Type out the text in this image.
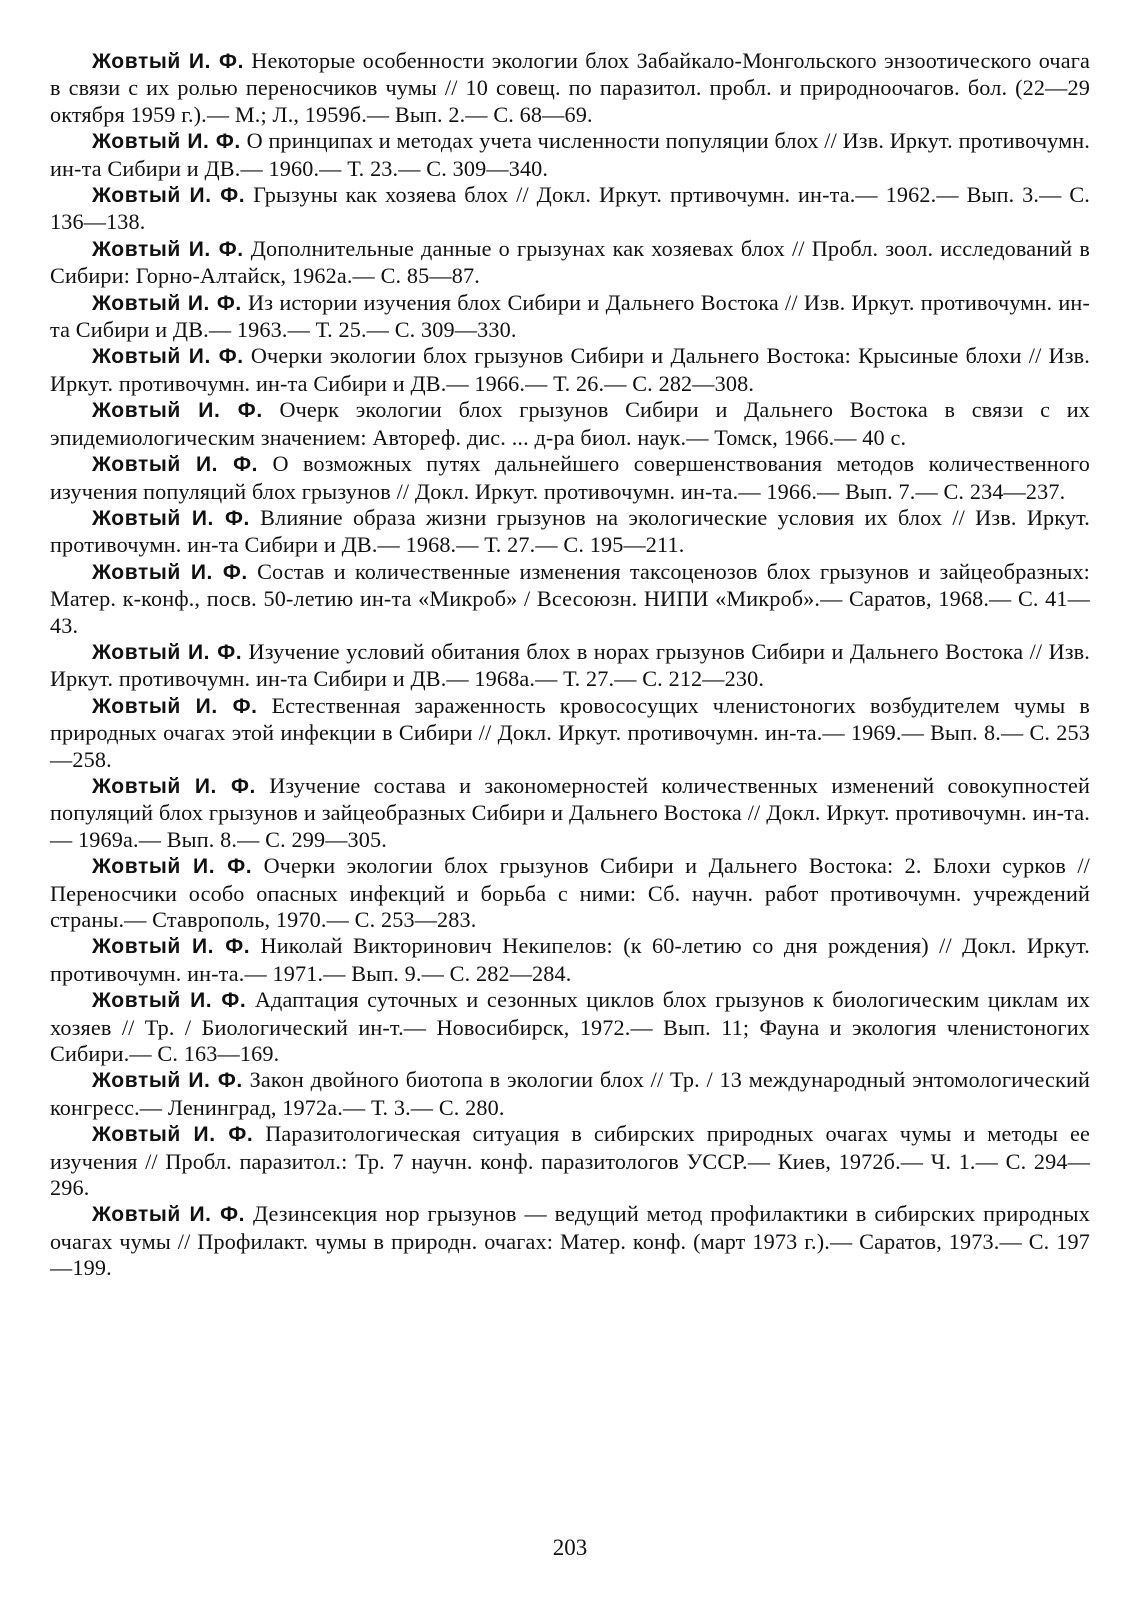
Жовтый И. Ф. Некоторые особенности экологии блох Забайкало-Монгольского энзоотического очага в связи с их ролью переносчиков чумы // 10 совещ. по паразитол. пробл. и природноочагов. бол. (22—29 октября 1959 г.).— М.; Л., 1959б.— Вып. 2.— С. 68—69.

Жовтый И. Ф. О принципах и методах учета численности популяции блох // Изв. Иркут. противочумн. ин-та Сибири и ДВ.— 1960.— Т. 23.— С. 309—340.

Жовтый И. Ф. Грызуны как хозяева блох // Докл. Иркут. пртивочумн. ин-та.— 1962.— Вып. 3.— С. 136—138.

Жовтый И. Ф. Дополнительные данные о грызунах как хозяевах блох // Пробл. зоол. исследований в Сибири: Горно-Алтайск, 1962а.— С. 85—87.

Жовтый И. Ф. Из истории изучения блох Сибири и Дальнего Востока // Изв. Иркут. противочумн. ин-та Сибири и ДВ.— 1963.— Т. 25.— С. 309—330.

Жовтый И. Ф. Очерки экологии блох грызунов Сибири и Дальнего Востока: Крысиные блохи // Изв. Иркут. противочумн. ин-та Сибири и ДВ.— 1966.— Т. 26.— С. 282—308.

Жовтый И. Ф. Очерк экологии блох грызунов Сибири и Дальнего Востока в связи с их эпидемиологическим значением: Автореф. дис. ... д-ра биол. наук.— Томск, 1966.— 40 с.

Жовтый И. Ф. О возможных путях дальнейшего совершенствования методов количественного изучения популяций блох грызунов // Докл. Иркут. противочумн. ин-та.— 1966.— Вып. 7.— С. 234—237.

Жовтый И. Ф. Влияние образа жизни грызунов на экологические условия их блох // Изв. Иркут. противочумн. ин-та Сибири и ДВ.— 1968.— Т. 27.— С. 195—211.

Жовтый И. Ф. Состав и количественные изменения таксоценозов блох грызунов и зайцеобразных: Матер. к-конф., посв. 50-летию ин-та «Микроб» / Всесоюзн. НИПИ «Микроб».— Саратов, 1968.— С. 41—43.

Жовтый И. Ф. Изучение условий обитания блох в норах грызунов Сибири и Дальнего Востока // Изв. Иркут. противочумн. ин-та Сибири и ДВ.— 1968а.— Т. 27.— С. 212—230.

Жовтый И. Ф. Естественная зараженность кровососущих членистоногих возбудителем чумы в природных очагах этой инфекции в Сибири // Докл. Иркут. противочумн. ин-та.— 1969.— Вып. 8.— С. 253—258.

Жовтый И. Ф. Изучение состава и закономерностей количественных изменений совокупностей популяций блох грызунов и зайцеобразных Сибири и Дальнего Востока // Докл. Иркут. противочумн. ин-та.— 1969а.— Вып. 8.— С. 299—305.

Жовтый И. Ф. Очерки экологии блох грызунов Сибири и Дальнего Востока: 2. Блохи сурков // Переносчики особо опасных инфекций и борьба с ними: Сб. научн. работ противочумн. учреждений страны.— Ставрополь, 1970.— С. 253—283.

Жовтый И. Ф. Николай Викторинович Некипелов: (к 60-летию со дня рождения) // Докл. Иркут. противочумн. ин-та.— 1971.— Вып. 9.— С. 282—284.

Жовтый И. Ф. Адаптация суточных и сезонных циклов блох грызунов к биологическим циклам их хозяев // Тр. / Биологический ин-т.— Новосибирск, 1972.— Вып. 11; Фауна и экология членистоногих Сибири.— С. 163—169.

Жовтый И. Ф. Закон двойного биотопа в экологии блох // Тр. / 13 международный энтомологический конгресс.— Ленинград, 1972а.— Т. 3.— С. 280.

Жовтый И. Ф. Паразитологическая ситуация в сибирских природных очагах чумы и методы ее изучения // Пробл. паразитол.: Тр. 7 научн. конф. паразитологов УССР.— Киев, 1972б.— Ч. 1.— С. 294—296.

Жовтый И. Ф. Дезинсекция нор грызунов — ведущий метод профилактики в сибирских природных очагах чумы // Профилакт. чумы в природн. очагах: Матер. конф. (март 1973 г.).— Саратов, 1973.— С. 197—199.

203
